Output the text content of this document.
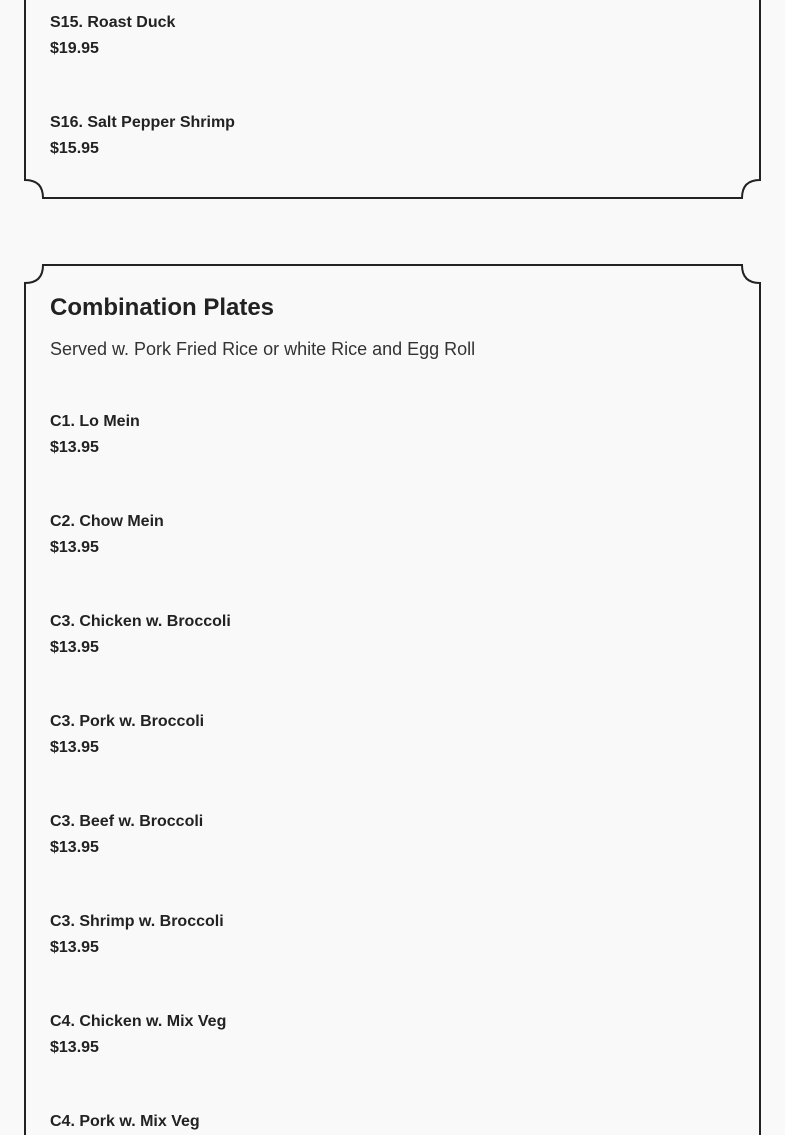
S15. Roast Duck
$19.95
S16. Salt Pepper Shrimp
$15.95
Combination Plates
Served w. Pork Fried Rice or white Rice and Egg Roll
C1. Lo Mein
$13.95
C2. Chow Mein
$13.95
C3. Chicken w. Broccoli
$13.95
C3. Pork w. Broccoli
$13.95
C3. Beef w. Broccoli
$13.95
C3. Shrimp w. Broccoli
$13.95
C4. Chicken w. Mix Veg
$13.95
C4. Pork w. Mix Veg
